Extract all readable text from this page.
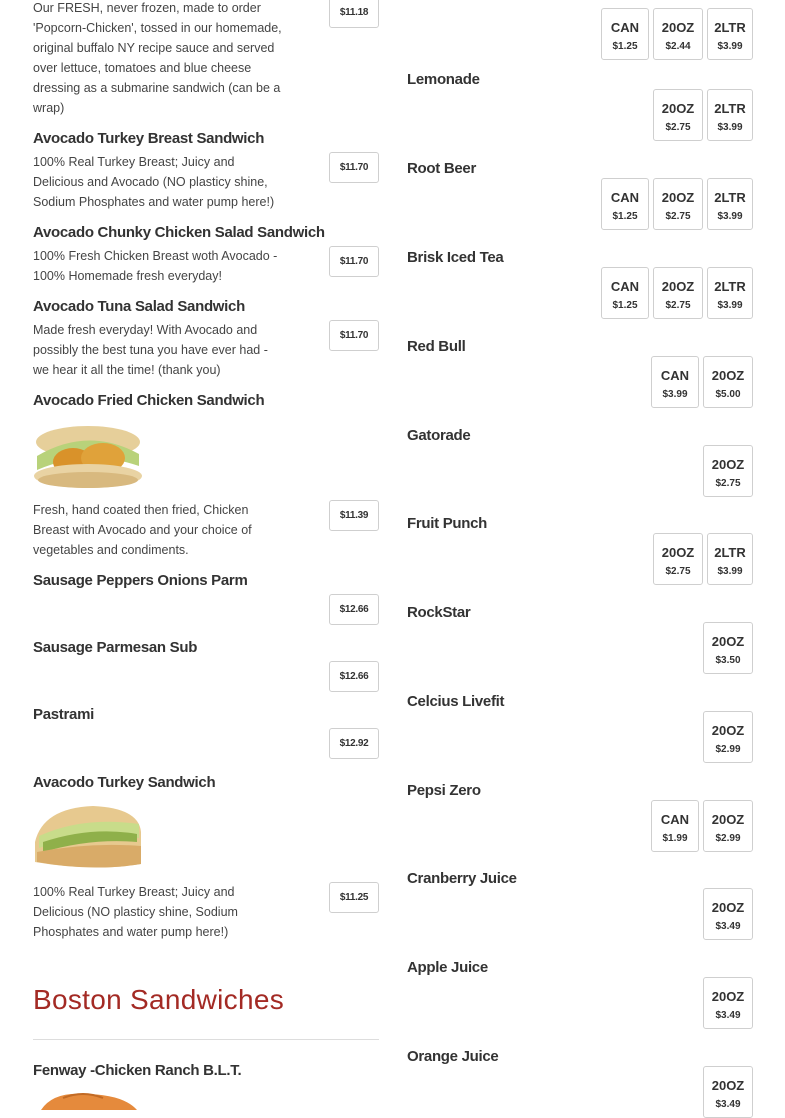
Our FRESH, never frozen, made to order 'Popcorn-Chicken', tossed in our homemade, original buffalo NY recipe sauce and served over lettuce, tomatoes and blue cheese dressing as a submarine sandwich (can be a wrap)
$11.18
Avocado Turkey Breast Sandwich
100% Real Turkey Breast; Juicy and Delicious and Avocado (NO plasticy shine, Sodium Phosphates and water pump here!)
$11.70
Avocado Chunky Chicken Salad Sandwich
100% Fresh Chicken Breast woth Avocado - 100% Homemade fresh everyday!
$11.70
Avocado Tuna Salad Sandwich
Made fresh everyday! With Avocado and possibly the best tuna you have ever had - we hear it all the time! (thank you)
$11.70
Avocado Fried Chicken Sandwich
Fresh, hand coated then fried, Chicken Breast with Avocado and your choice of vegetables and condiments.
$11.39
Sausage Peppers Onions Parm
$12.66
Sausage Parmesan Sub
$12.66
Pastrami
$12.92
Avacodo Turkey Sandwich
100% Real Turkey Breast; Juicy and Delicious (NO plasticy shine, Sodium Phosphates and water pump here!)
$11.25
Boston Sandwiches
Fenway -Chicken Ranch B.L.T.
2LTR
$3.99
20OZ
$2.44
CAN
$1.25
Lemonade
2LTR
$3.99
20OZ
$2.75
Root Beer
2LTR
$3.99
20OZ
$2.75
CAN
$1.25
Brisk Iced Tea
2LTR
$3.99
20OZ
$2.75
CAN
$1.25
Red Bull
20OZ
$5.00
CAN
$3.99
Gatorade
20OZ
$2.75
Fruit Punch
2LTR
$3.99
20OZ
$2.75
RockStar
20OZ
$3.50
Celcius Livefit
20OZ
$2.99
Pepsi Zero
20OZ
$2.99
CAN
$1.99
Cranberry Juice
20OZ
$3.49
Apple Juice
20OZ
$3.49
Orange Juice
20OZ
$3.49
